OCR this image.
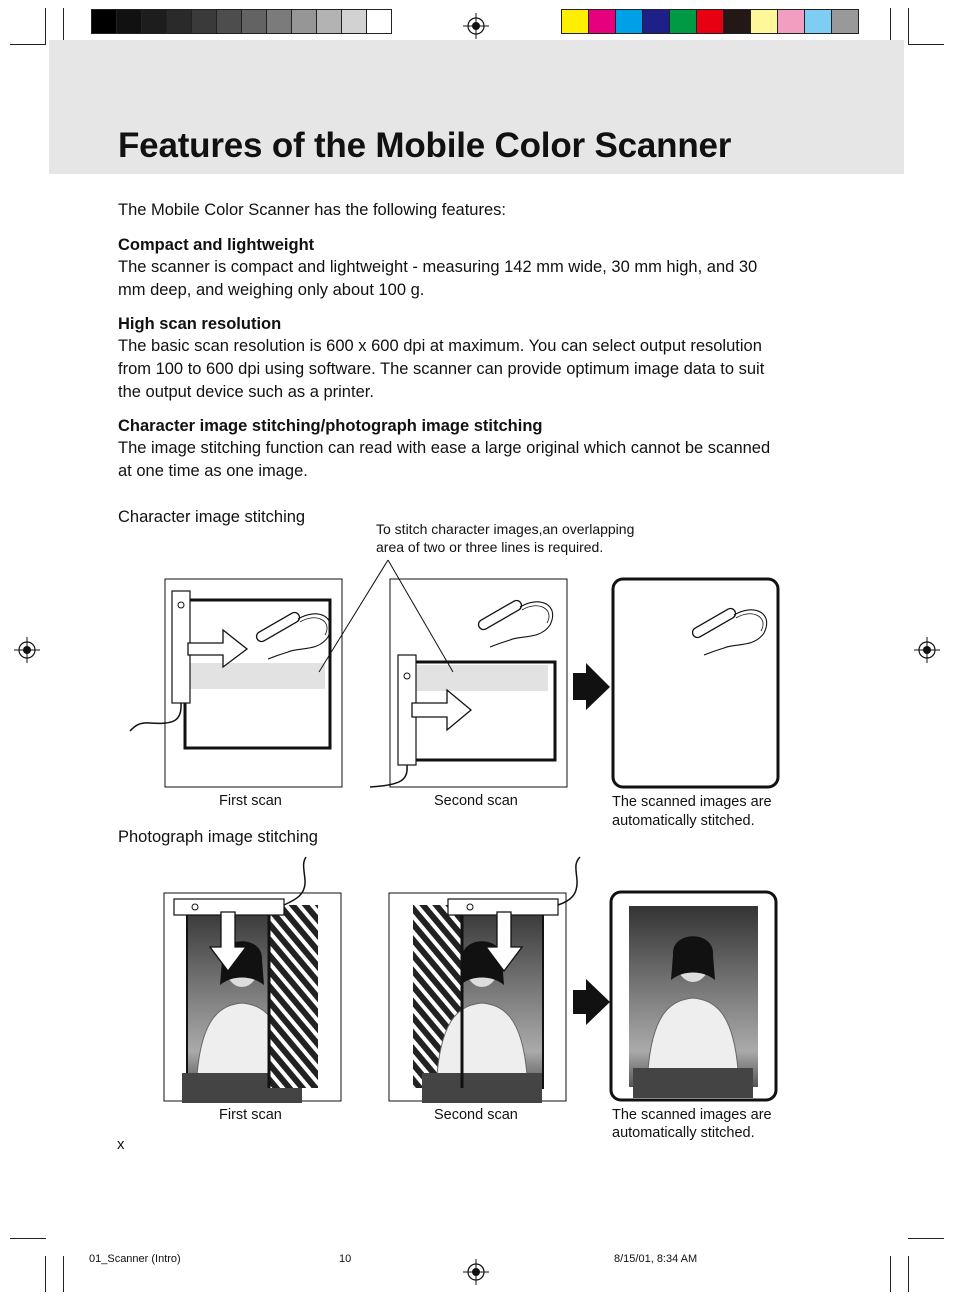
Features of the Mobile Color Scanner
The Mobile Color Scanner has the following features:
Compact and lightweight
The scanner is compact and lightweight - measuring 142 mm wide, 30 mm high, and 30
mm deep, and weighing only about 100 g.
High scan resolution
The basic scan resolution is 600 x 600 dpi at maximum. You can select output resolution
from 100 to 600 dpi using software. The scanner can provide optimum image data to suit
the output device such as a printer.
Character image stitching/photograph image stitching
The image stitching function can read with ease a large original which cannot be scanned
at one time as one image.
Character image stitching
To stitch character images,an overlapping
area of two or three lines is required.
First scan	Second scan	The scanned images are
automatically stitched.
Photograph image stitching
First scan	Second scan	The scanned images are
automatically stitched.
x
01_Scanner (Intro)	10	8/15/01, 8:34 AM
